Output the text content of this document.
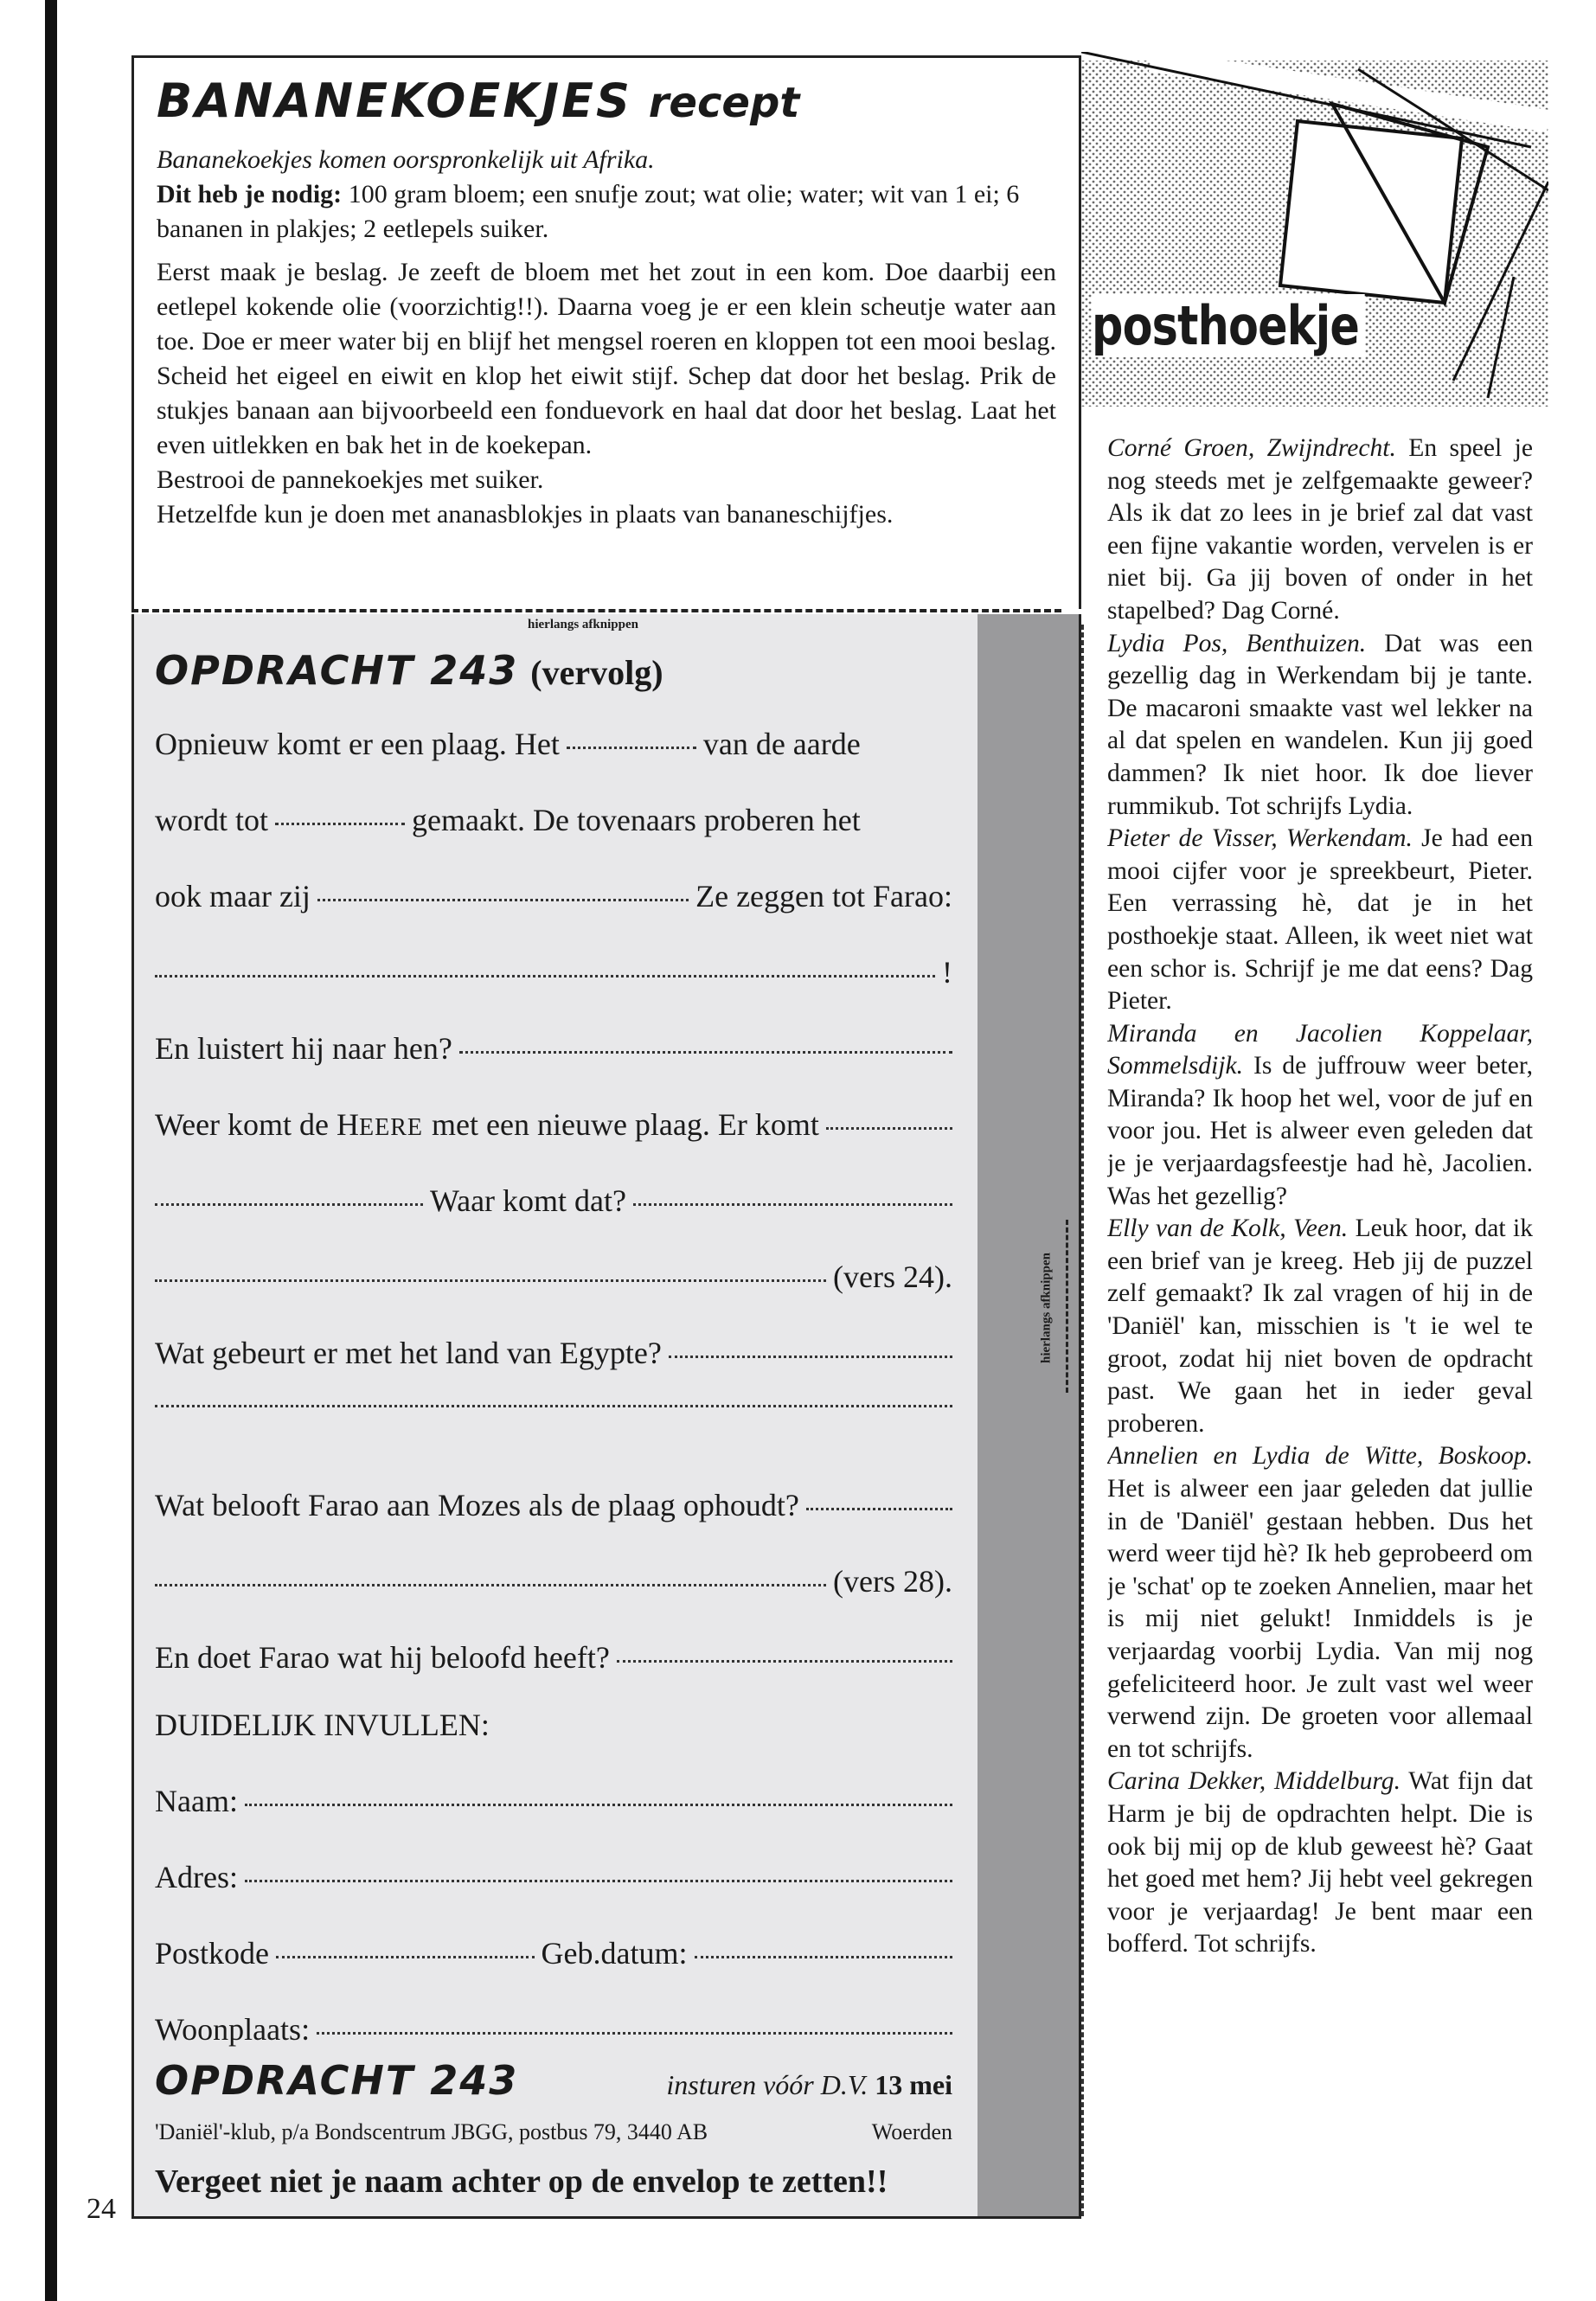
BANANEKOEKJES recept

Bananekoekjes komen oorspronkelijk uit Afrika.

Dit heb je nodig: 100 gram bloem; een snufje zout; wat olie; water; wit van 1 ei; 6 bananen in plakjes; 2 eetlepels suiker.

Eerst maak je beslag. Je zeeft de bloem met het zout in een kom. Doe daarbij een eetlepel kokende olie (voorzichtig!!). Daarna voeg je er een klein scheutje water aan toe. Doe er meer water bij en blijf het mengsel roeren en kloppen tot een mooi beslag. Scheid het eigeel en eiwit en klop het eiwit stijf. Schep dat door het beslag. Prik de stukjes banaan aan bijvoorbeeld een fonduevork en haal dat door het beslag. Laat het even uitlekken en bak het in de koekepan.

Bestrooi de pannekoekjes met suiker.

Hetzelfde kun je doen met ananasblokjes in plaats van bananeschijfjes.

hierlangs afknippen
OPDRACHT 243 (vervolg)
Opnieuw komt er een plaag. Het	van de aarde
wordt tot	gemaakt. De tovenaars proberen het
ook maar zij	Ze zeggen tot Farao:
!
En luistert hij naar hen?
Weer komt de HEERE met een nieuwe plaag. Er komt
Waar komt dat?
(vers 24).
Wat gebeurt er met het land van Egypte?
Wat belooft Farao aan Mozes als de plaag ophoudt?
(vers 28).
En doet Farao wat hij beloofd heeft?
DUIDELIJK INVULLEN:
Naam:
Adres:
Postkode	Geb.datum:
Woonplaats:
OPDRACHT 243	insturen vóór D.V. 13 mei
'Daniël'-klub, p/a Bondscentrum JBGG, postbus 79, 3440 AB	Woerden
Vergeet niet je naam achter op de envelop te zetten!!
hierlangs afknippen
24
posthoekje

Corné Groen, Zwijndrecht. En speel je nog steeds met je zelfgemaakte geweer? Als ik dat zo lees in je brief zal dat vast een fijne vakantie worden, vervelen is er niet bij. Ga jij boven of onder in het stapelbed? Dag Corné.

Lydia Pos, Benthuizen. Dat was een gezellig dag in Werkendam bij je tante. De macaroni smaakte vast wel lekker na al dat spelen en wandelen. Kun jij goed dammen? Ik niet hoor. Ik doe liever rummikub. Tot schrijfs Lydia.

Pieter de Visser, Werkendam. Je had een mooi cijfer voor je spreekbeurt, Pieter. Een verrassing hè, dat je in het posthoekje staat. Alleen, ik weet niet wat een schor is. Schrijf je me dat eens? Dag Pieter.

Miranda en Jacolien Koppelaar, Sommelsdijk. Is de juffrouw weer beter, Miranda? Ik hoop het wel, voor de juf en voor jou. Het is alweer even geleden dat je je verjaardagsfeestje had hè, Jacolien. Was het gezellig?

Elly van de Kolk, Veen. Leuk hoor, dat ik een brief van je kreeg. Heb jij de puzzel zelf gemaakt? Ik zal vragen of hij in de 'Daniël' kan, misschien is 't ie wel te groot, zodat hij niet boven de opdracht past. We gaan het in ieder geval proberen.

Annelien en Lydia de Witte, Boskoop. Het is alweer een jaar geleden dat jullie in de 'Daniël' gestaan hebben. Dus het werd weer tijd hè? Ik heb geprobeerd om je 'schat' op te zoeken Annelien, maar het is mij niet gelukt! Inmiddels is je verjaardag voorbij Lydia. Van mij nog gefeliciteerd hoor. Je zult vast wel weer verwend zijn. De groeten voor allemaal en tot schrijfs.

Carina Dekker, Middelburg. Wat fijn dat Harm je bij de opdrachten helpt. Die is ook bij mij op de klub geweest hè? Gaat het goed met hem? Jij hebt veel gekregen voor je verjaardag! Je bent maar een bofferd. Tot schrijfs.
